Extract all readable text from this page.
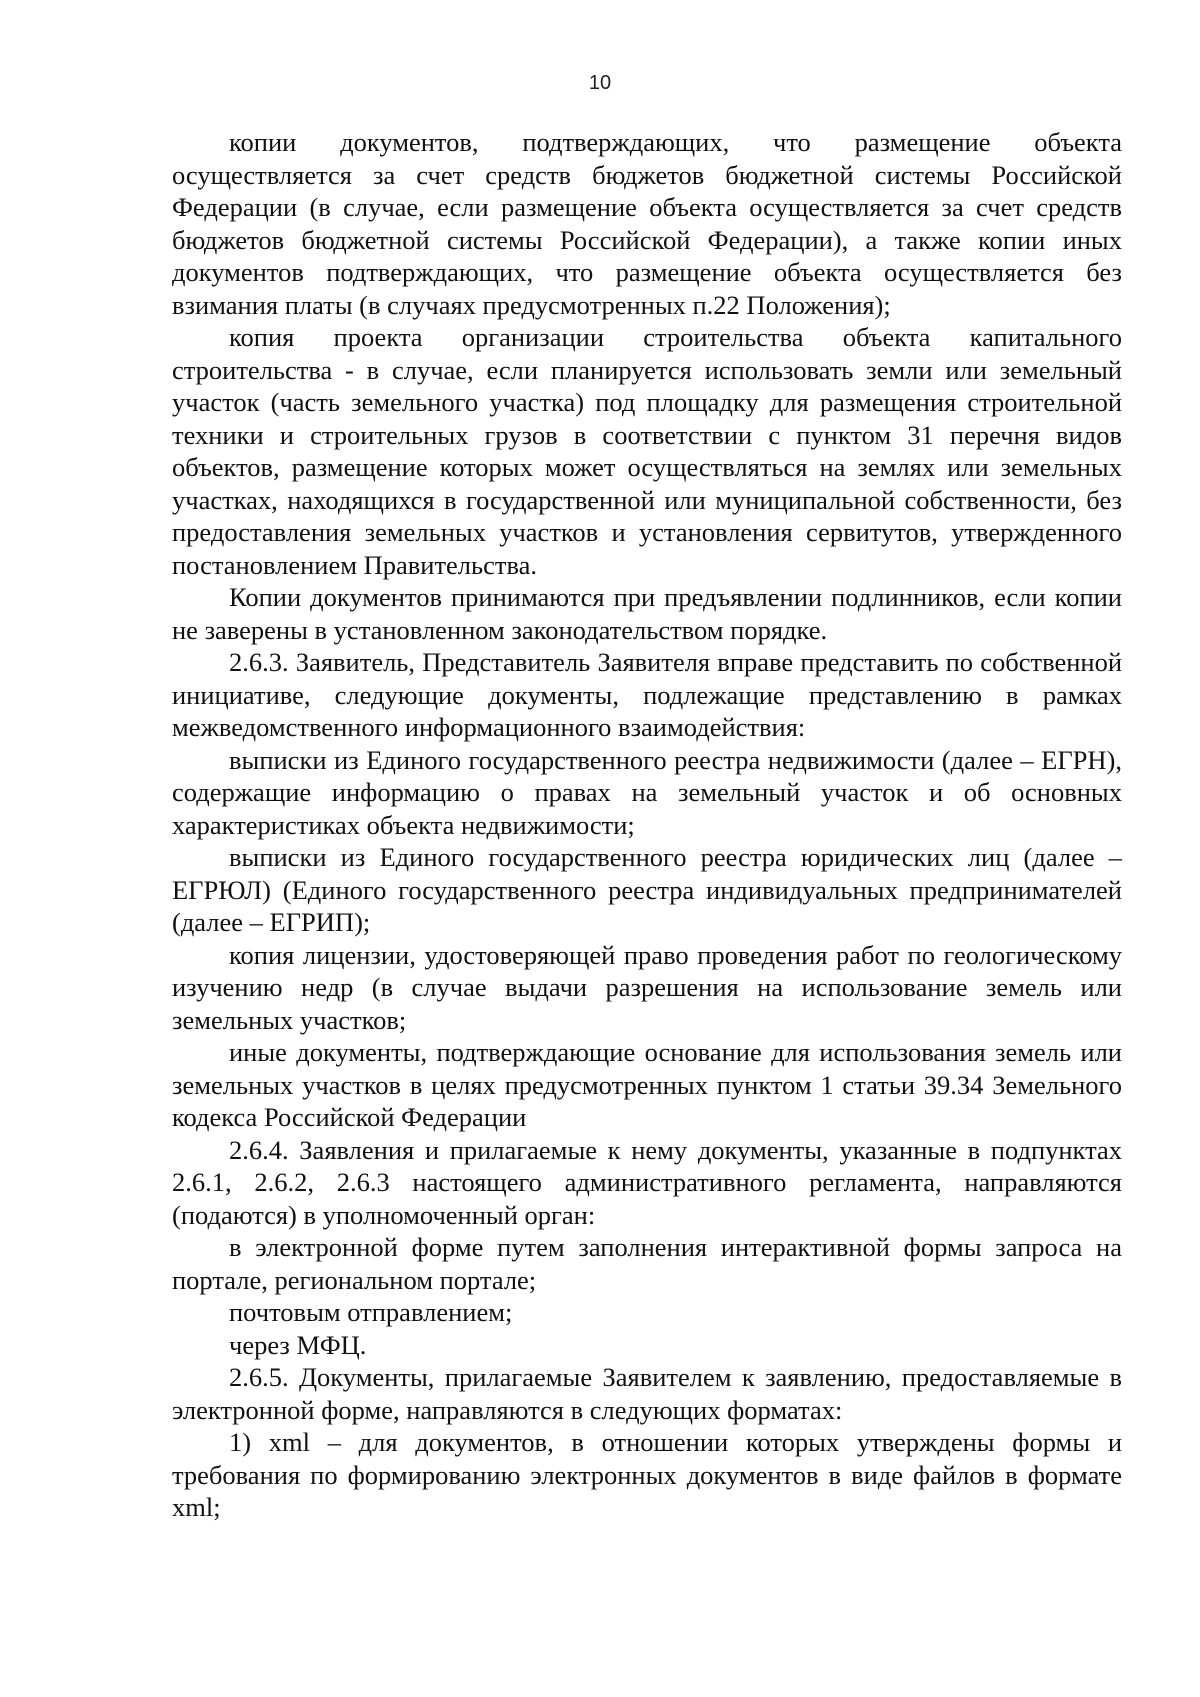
10

копии документов, подтверждающих, что размещение объекта осуществляется за счет средств бюджетов бюджетной системы Российской Федерации (в случае, если размещение объекта осуществляется за счет средств бюджетов бюджетной системы Российской Федерации), а также копии иных документов подтверждающих, что размещение объекта осуществляется без взимания платы (в случаях предусмотренных п.22 Положения);

копия проекта организации строительства объекта капитального строительства - в случае, если планируется использовать земли или земельный участок (часть земельного участка) под площадку для размещения строительной техники и строительных грузов в соответствии с пунктом 31 перечня видов объектов, размещение которых может осуществляться на землях или земельных участках, находящихся в государственной или муниципальной собственности, без предоставления земельных участков и установления сервитутов, утвержденного постановлением Правительства.

Копии документов принимаются при предъявлении подлинников, если копии не заверены в установленном законодательством порядке.

2.6.3. Заявитель, Представитель Заявителя вправе представить по собственной инициативе, следующие документы, подлежащие представлению в рамках межведомственного информационного взаимодействия:

выписки из Единого государственного реестра недвижимости (далее – ЕГРН), содержащие информацию о правах на земельный участок и об основных характеристиках объекта недвижимости;

выписки из Единого государственного реестра юридических лиц (далее – ЕГРЮЛ) (Единого государственного реестра индивидуальных предпринимателей (далее – ЕГРИП);

копия лицензии, удостоверяющей право проведения работ по геологическому изучению недр (в случае выдачи разрешения на использование земель или земельных участков;

иные документы, подтверждающие основание для использования земель или земельных участков в целях предусмотренных пунктом 1 статьи 39.34 Земельного кодекса Российской Федерации

2.6.4. Заявления и прилагаемые к нему документы, указанные в подпунктах 2.6.1, 2.6.2, 2.6.3 настоящего административного регламента, направляются (подаются) в уполномоченный орган:

в электронной форме путем заполнения интерактивной формы запроса на портале, региональном портале;

почтовым отправлением;

через МФЦ.

2.6.5. Документы, прилагаемые Заявителем к заявлению, предоставляемые в электронной форме, направляются в следующих форматах:

1) xml – для документов, в отношении которых утверждены формы и требования по формированию электронных документов в виде файлов в формате xml;
